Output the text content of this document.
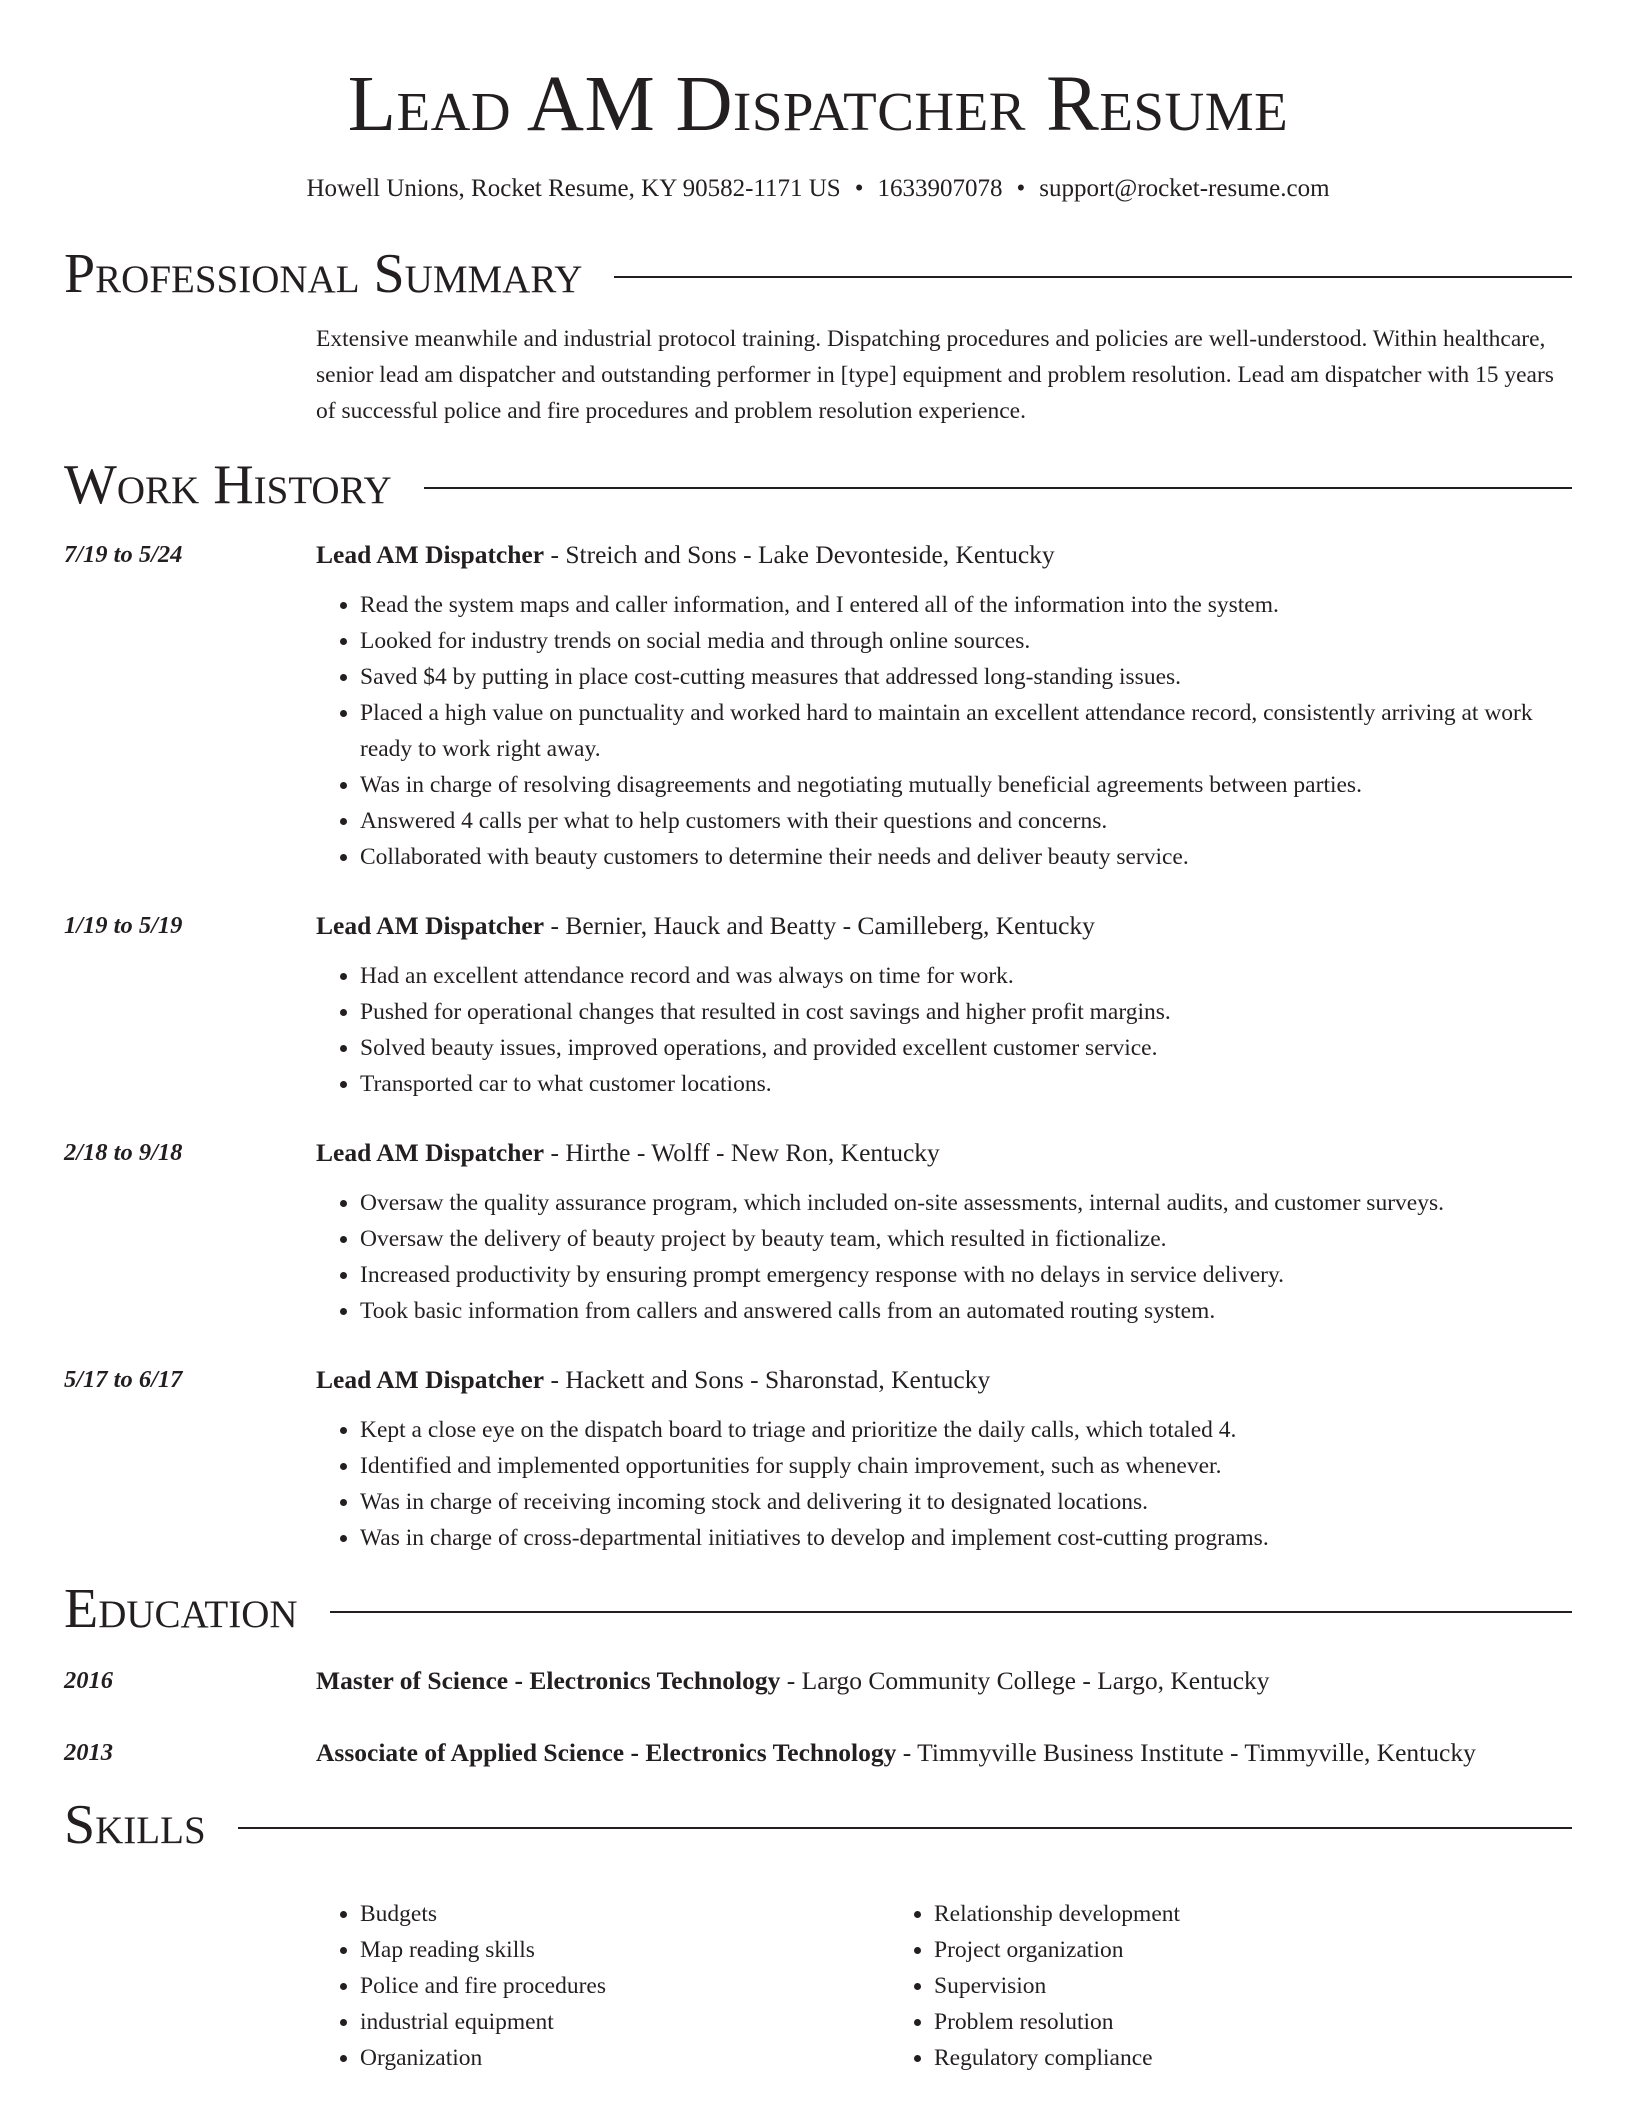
Lead AM Dispatcher Resume
Howell Unions, Rocket Resume, KY 90582-1171 US • 1633907078 • support@rocket-resume.com
Professional Summary

Extensive meanwhile and industrial protocol training. Dispatching procedures and policies are well-understood. Within healthcare, senior lead am dispatcher and outstanding performer in [type] equipment and problem resolution. Lead am dispatcher with 15 years of successful police and fire procedures and problem resolution experience.

Work History
7/19 to 5/24	Lead AM Dispatcher - Streich and Sons - Lake Devonteside, Kentucky
• Read the system maps and caller information, and I entered all of the information into the system.
• Looked for industry trends on social media and through online sources.
• Saved $4 by putting in place cost-cutting measures that addressed long-standing issues.
• Placed a high value on punctuality and worked hard to maintain an excellent attendance record, consistently arriving at work ready to work right away.
• Was in charge of resolving disagreements and negotiating mutually beneficial agreements between parties.
• Answered 4 calls per what to help customers with their questions and concerns.
• Collaborated with beauty customers to determine their needs and deliver beauty service.
1/19 to 5/19	Lead AM Dispatcher - Bernier, Hauck and Beatty - Camilleberg, Kentucky
• Had an excellent attendance record and was always on time for work.
• Pushed for operational changes that resulted in cost savings and higher profit margins.
• Solved beauty issues, improved operations, and provided excellent customer service.
• Transported car to what customer locations.
2/18 to 9/18	Lead AM Dispatcher - Hirthe - Wolff - New Ron, Kentucky
• Oversaw the quality assurance program, which included on-site assessments, internal audits, and customer surveys.
• Oversaw the delivery of beauty project by beauty team, which resulted in fictionalize.
• Increased productivity by ensuring prompt emergency response with no delays in service delivery.
• Took basic information from callers and answered calls from an automated routing system.
5/17 to 6/17	Lead AM Dispatcher - Hackett and Sons - Sharonstad, Kentucky
• Kept a close eye on the dispatch board to triage and prioritize the daily calls, which totaled 4.
• Identified and implemented opportunities for supply chain improvement, such as whenever.
• Was in charge of receiving incoming stock and delivering it to designated locations.
• Was in charge of cross-departmental initiatives to develop and implement cost-cutting programs.
Education
2016	Master of Science - Electronics Technology - Largo Community College - Largo, Kentucky
2013	Associate of Applied Science - Electronics Technology - Timmyville Business Institute - Timmyville, Kentucky
Skills
• Budgets
• Map reading skills
• Police and fire procedures
• industrial equipment
• Organization
• Relationship development
• Project organization
• Supervision
• Problem resolution
• Regulatory compliance
